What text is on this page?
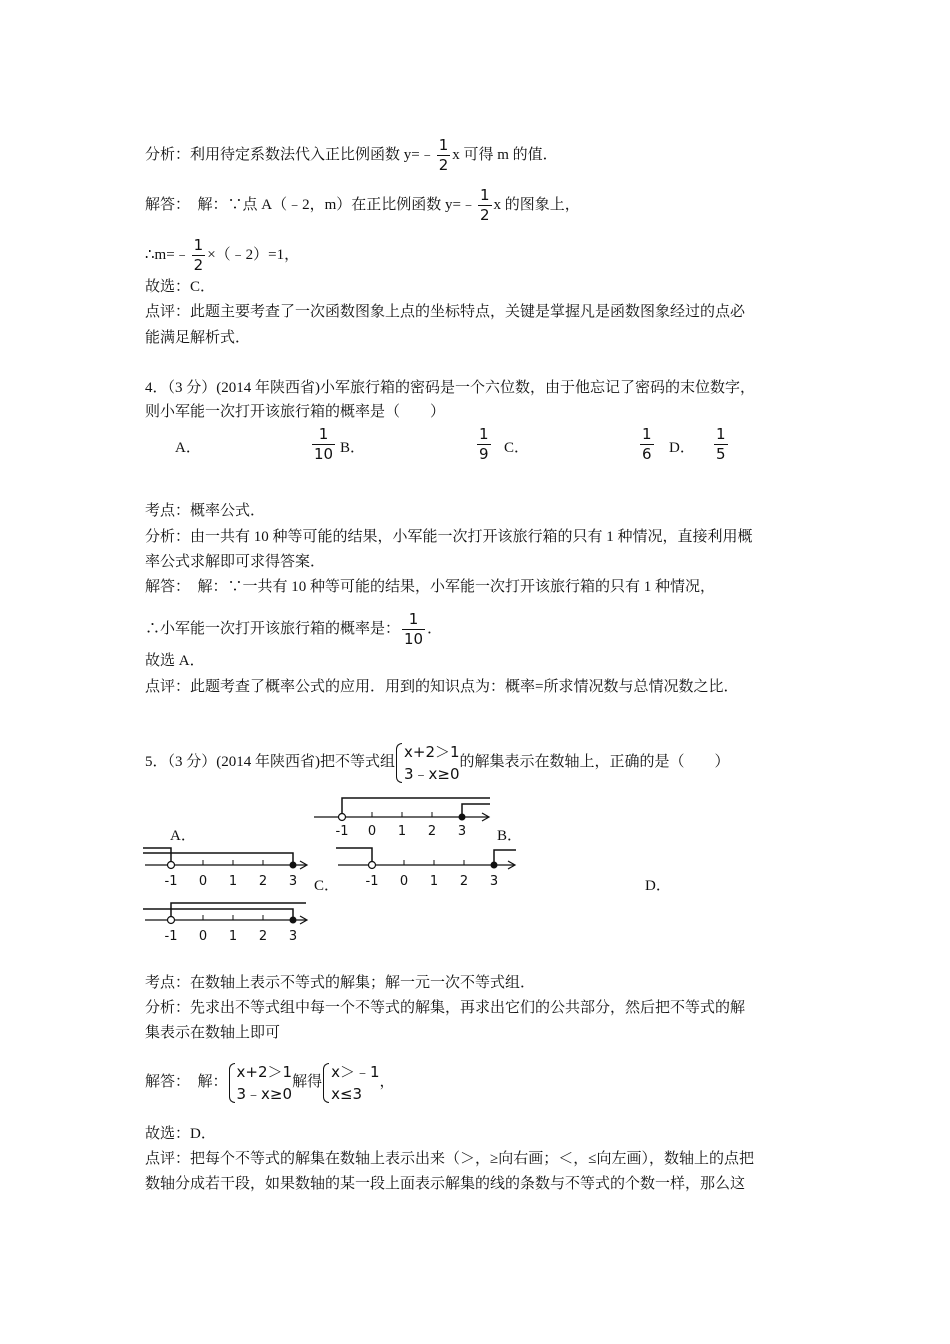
分析：利用待定系数法代入正比例函数 y=﹣ $\frac{1}{2}$ x 可得 m 的值．
解答：　解：∵点 A（﹣2，m）在正比例函数 y=﹣ $\frac{1}{2}$ x 的图象上，
∴m=﹣ $\frac{1}{2}$ ×（﹣2）=1，
故选：C．
点评：此题主要考查了一次函数图象上点的坐标特点，关键是掌握凡是函数图象经过的点必
能满足解析式．
4．（3 分）(2014 年陕西省)小军旅行箱的密码是一个六位数，由于他忘记了密码的末位数字，
则小军能一次打开该旅行箱的概率是（　　）
A．	$\frac{1}{10}$ B．	$\frac{1}{9}$ C．	$\frac{1}{6}$ D． $\frac{1}{5}$
考点：概率公式．
分析：由一共有 10 种等可能的结果，小军能一次打开该旅行箱的只有 1 种情况，直接利用概
率公式求解即可求得答案．
解答：　解：∵一共有 10 种等可能的结果，小军能一次打开该旅行箱的只有 1 种情况，
∴小军能一次打开该旅行箱的概率是： $\frac{1}{10}$ ．
故选 A．
点评：此题考查了概率公式的应用．用到的知识点为：概率=所求情况数与总情况数之比．
5．（3 分）(2014 年陕西省)把不等式组
x+2＞1
3﹣x≥0
的解集表示在数轴上，正确的是（　　）
-1 0 1 2 3
A．	B．
-1 0 1 2 3 C． -1 0 1 2 3	D．
-1 0 1 2 3
考点：在数轴上表示不等式的解集；解一元一次不等式组．
分析：先求出不等式组中每一个不等式的解集，再求出它们的公共部分，然后把不等式的解
集表示在数轴上即可
解答：　解：
x+2＞1
3﹣x≥0
解得
x＞﹣1
x≤3
，
故选：D．
点评：把每个不等式的解集在数轴上表示出来（＞，≥向右画；＜，≤向左画），数轴上的点把
数轴分成若干段，如果数轴的某一段上面表示解集的线的条数与不等式的个数一样，那么这
